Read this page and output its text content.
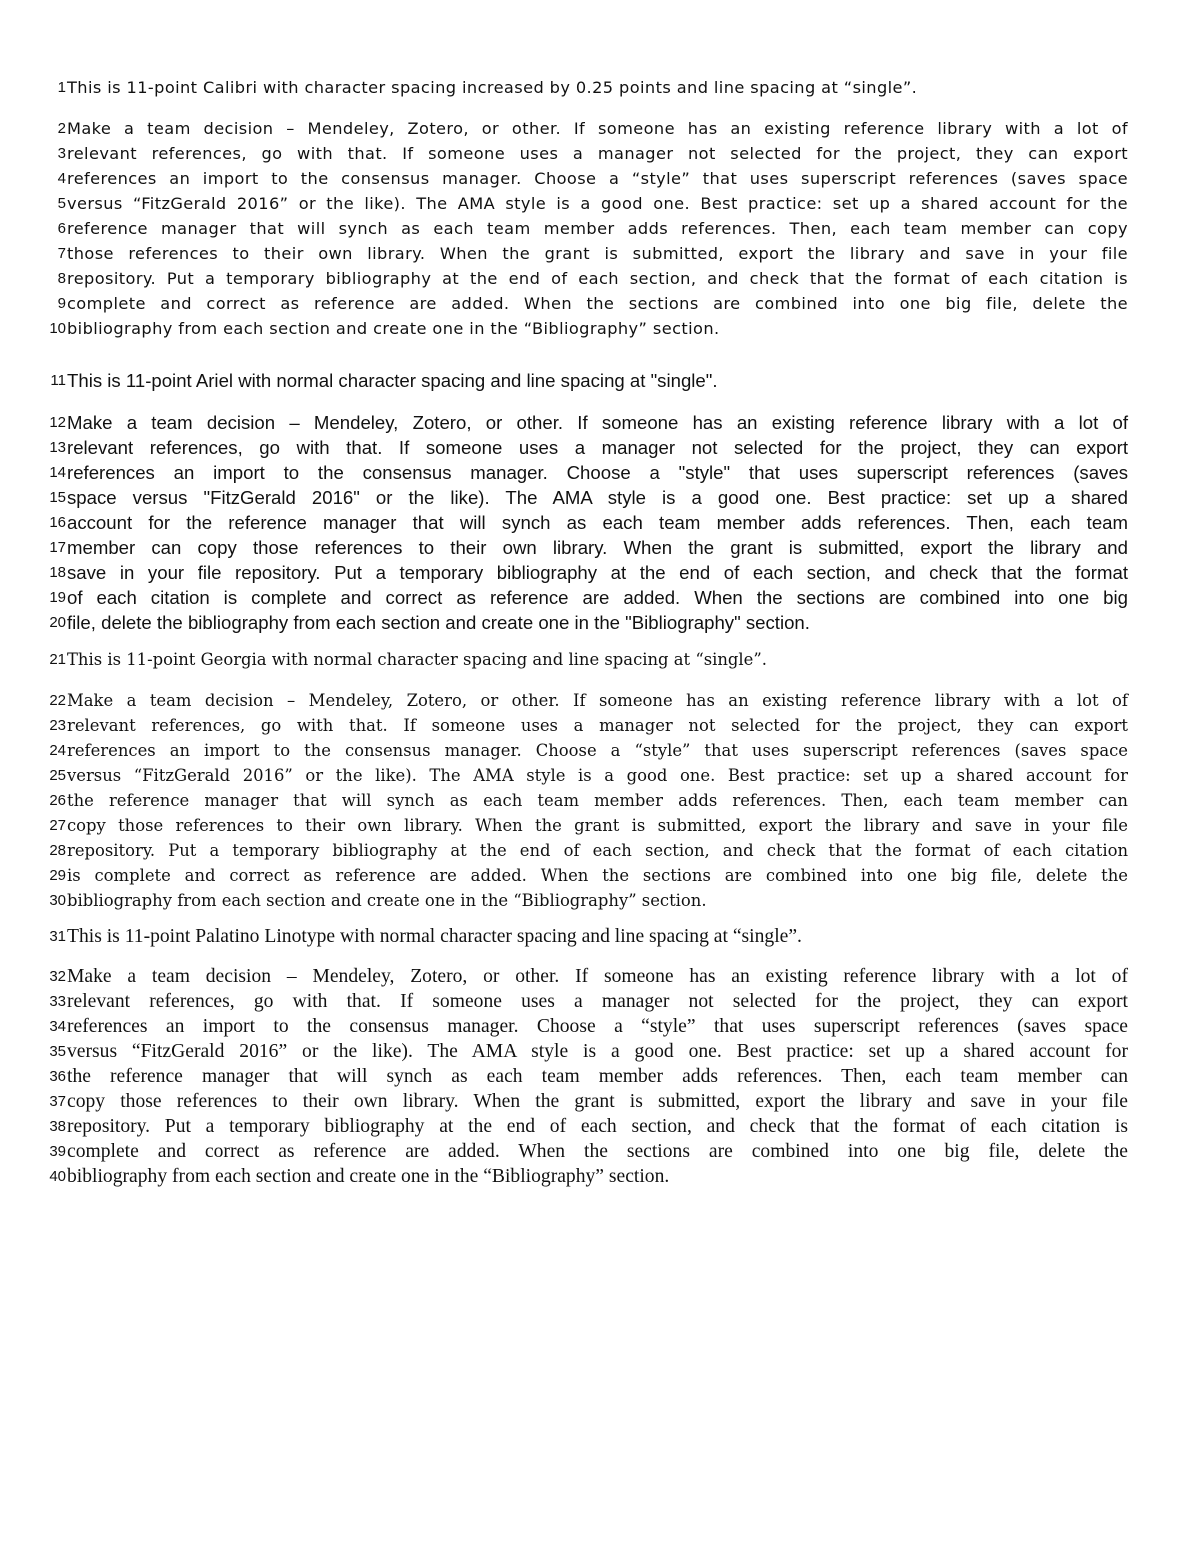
1 This is 11-point Calibri with character spacing increased by 0.25 points and line spacing at “single”.
2 Make a team decision – Mendeley, Zotero, or other. If someone has an existing reference library with a lot of
3 relevant references, go with that. If someone uses a manager not selected for the project, they can export
4 references an import to the consensus manager. Choose a “style” that uses superscript references (saves space
5 versus “FitzGerald 2016” or the like). The AMA style is a good one. Best practice: set up a shared account for the
6 reference manager that will synch as each team member adds references. Then, each team member can copy
7 those references to their own library. When the grant is submitted, export the library and save in your file
8 repository. Put a temporary bibliography at the end of each section, and check that the format of each citation is
9 complete and correct as reference are added. When the sections are combined into one big file, delete the
10 bibliography from each section and create one in the “Bibliography” section.
11 This is 11-point Ariel with normal character spacing and line spacing at "single".
12 Make a team decision – Mendeley, Zotero, or other. If someone has an existing reference library with a lot of
13 relevant references, go with that. If someone uses a manager not selected for the project, they can export
14 references an import to the consensus manager. Choose a "style" that uses superscript references (saves
15 space versus "FitzGerald 2016" or the like). The AMA style is a good one. Best practice: set up a shared
16 account for the reference manager that will synch as each team member adds references. Then, each team
17 member can copy those references to their own library. When the grant is submitted, export the library and
18 save in your file repository. Put a temporary bibliography at the end of each section, and check that the format
19 of each citation is complete and correct as reference are added. When the sections are combined into one big
20 file, delete the bibliography from each section and create one in the "Bibliography" section.
21 This is 11-point Georgia with normal character spacing and line spacing at “single”.
22 Make a team decision – Mendeley, Zotero, or other. If someone has an existing reference library with a lot of
23 relevant references, go with that. If someone uses a manager not selected for the project, they can export
24 references an import to the consensus manager. Choose a “style” that uses superscript references (saves space
25 versus “FitzGerald 2016” or the like). The AMA style is a good one. Best practice: set up a shared account for
26 the reference manager that will synch as each team member adds references. Then, each team member can
27 copy those references to their own library. When the grant is submitted, export the library and save in your file
28 repository. Put a temporary bibliography at the end of each section, and check that the format of each citation
29 is complete and correct as reference are added. When the sections are combined into one big file, delete the
30 bibliography from each section and create one in the “Bibliography” section.
31 This is 11-point Palatino Linotype with normal character spacing and line spacing at “single”.
32 Make a team decision – Mendeley, Zotero, or other. If someone has an existing reference library with a lot of
33 relevant references, go with that. If someone uses a manager not selected for the project, they can export
34 references an import to the consensus manager. Choose a “style” that uses superscript references (saves space
35 versus “FitzGerald 2016” or the like). The AMA style is a good one. Best practice: set up a shared account for
36 the reference manager that will synch as each team member adds references. Then, each team member can
37 copy those references to their own library. When the grant is submitted, export the library and save in your file
38 repository. Put a temporary bibliography at the end of each section, and check that the format of each citation is
39 complete and correct as reference are added. When the sections are combined into one big file, delete the
40 bibliography from each section and create one in the “Bibliography” section.
